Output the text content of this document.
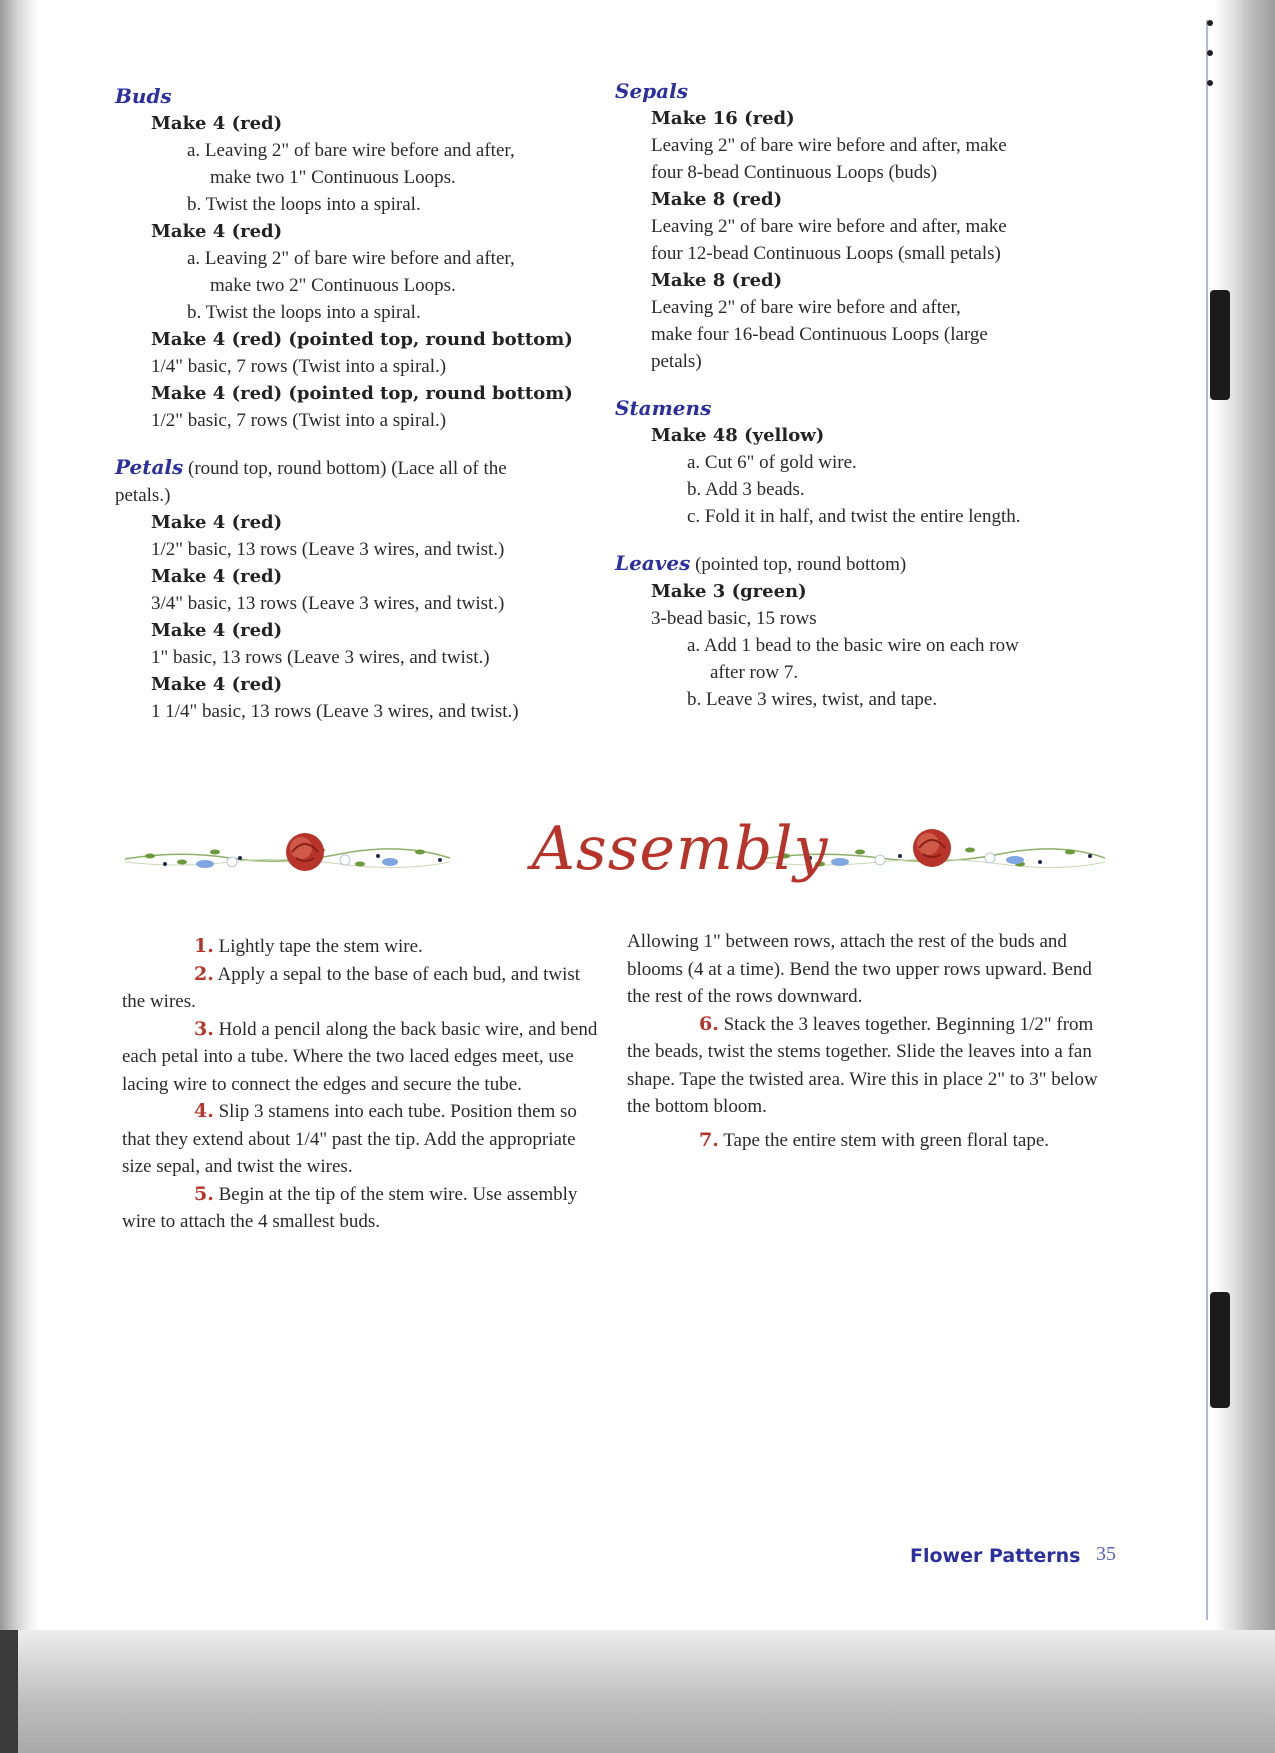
Buds
Make 4 (red)
a. Leaving 2" of bare wire before and after,
make two 1" Continuous Loops.
b. Twist the loops into a spiral.
Make 4 (red)
a. Leaving 2" of bare wire before and after,
make two 2" Continuous Loops.
b. Twist the loops into a spiral.
Make 4 (red) (pointed top, round bottom)
1/4" basic, 7 rows (Twist into a spiral.)
Make 4 (red) (pointed top, round bottom)
1/2" basic, 7 rows (Twist into a spiral.)
Petals (round top, round bottom) (Lace all of the
petals.)
Make 4 (red)
1/2" basic, 13 rows (Leave 3 wires, and twist.)
Make 4 (red)
3/4" basic, 13 rows (Leave 3 wires, and twist.)
Make 4 (red)
1" basic, 13 rows (Leave 3 wires, and twist.)
Make 4 (red)
1 1/4" basic, 13 rows (Leave 3 wires, and twist.)
Sepals
Make 16 (red)
Leaving 2" of bare wire before and after, make
four 8-bead Continuous Loops (buds)
Make 8 (red)
Leaving 2" of bare wire before and after, make
four 12-bead Continuous Loops (small petals)
Make 8 (red)
Leaving 2" of bare wire before and after,
make four 16-bead Continuous Loops (large
petals)
Stamens
Make 48 (yellow)
a. Cut 6" of gold wire.
b. Add 3 beads.
c. Fold it in half, and twist the entire length.
Leaves (pointed top, round bottom)
Make 3 (green)
3-bead basic, 15 rows
a. Add 1 bead to the basic wire on each row
after row 7.
b. Leave 3 wires, twist, and tape.
Assembly

1. Lightly tape the stem wire.

2. Apply a sepal to the base of each bud, and twist the wires.

3. Hold a pencil along the back basic wire, and bend each petal into a tube. Where the two laced edges meet, use lacing wire to connect the edges and secure the tube.

4. Slip 3 stamens into each tube. Position them so that they extend about 1/4" past the tip. Add the appropriate size sepal, and twist the wires.

5. Begin at the tip of the stem wire. Use assembly wire to attach the 4 smallest buds.

Allowing 1" between rows, attach the rest of the buds and blooms (4 at a time). Bend the two upper rows upward. Bend the rest of the rows downward.

6. Stack the 3 leaves together. Beginning 1/2" from the beads, twist the stems together. Slide the leaves into a fan shape. Tape the twisted area. Wire this in place 2" to 3" below the bottom bloom.

7. Tape the entire stem with green floral tape.

Flower Patterns 35
